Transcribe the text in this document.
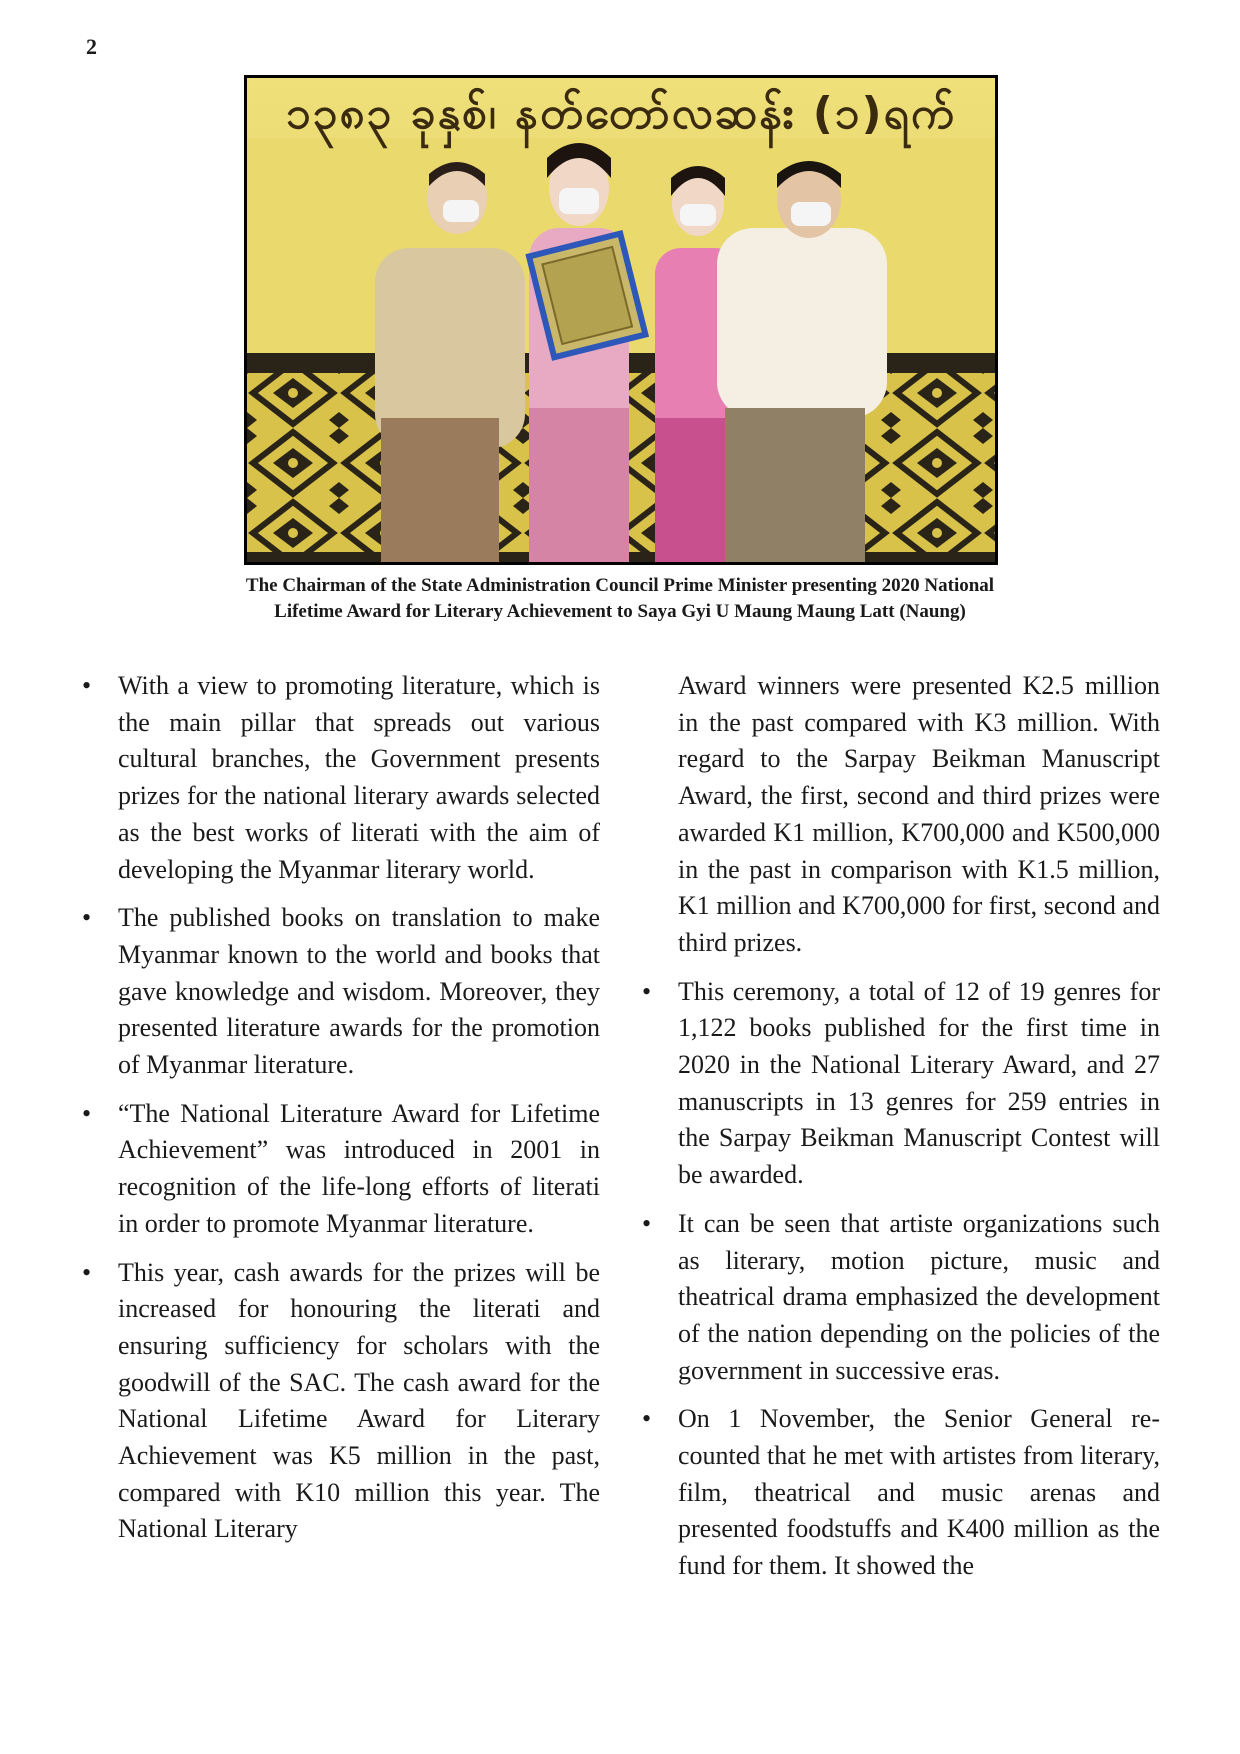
2
၁၃၈၃ ခုနှစ်၊ နတ်တော်လဆန်း (၁)ရက်
The Chairman of the State Administration Council Prime Minister presenting 2020 National Lifetime Award for Literary Achievement to Saya Gyi U Maung Maung Latt (Naung)

• With a view to promoting literature, which is the main pillar that spreads out various cultural branches, the Government presents prizes for the national literary awards selected as the best works of literati with the aim of developing the Myanmar literary world.

• The published books on translation to make Myanmar known to the world and books that gave knowledge and wisdom. Moreover, they presented literature awards for the promotion of Myanmar literature.

• “The National Literature Award for Lifetime Achievement” was introduced in 2001 in recognition of the life-long efforts of literati in order to promote Myanmar literature.

• This year, cash awards for the prizes will be increased for honouring the literati and ensuring sufficiency for scholars with the goodwill of the SAC. The cash award for the National Lifetime Award for Literary Achievement was K5 million in the past, compared with K10 million this year. The National Literary

Award winners were presented K2.5 million in the past compared with K3 million. With regard to the Sarpay Beikman Manuscript Award, the first, second and third prizes were awarded K1 million, K700,000 and K500,000 in the past in comparison with K1.5 million, K1 million and K700,000 for first, second and third prizes.

• This ceremony, a total of 12 of 19 genres for 1,122 books published for the first time in 2020 in the National Literary Award, and 27 manuscripts in 13 genres for 259 entries in the Sarpay Beikman Manuscript Contest will be awarded.

• It can be seen that artiste organizations such as literary, motion picture, music and theatrical drama emphasized the development of the nation depending on the policies of the government in successive eras.

• On 1 November, the Senior General recounted that he met with artistes from literary, film, theatrical and music arenas and presented foodstuffs and K400 million as the fund for them. It showed the
